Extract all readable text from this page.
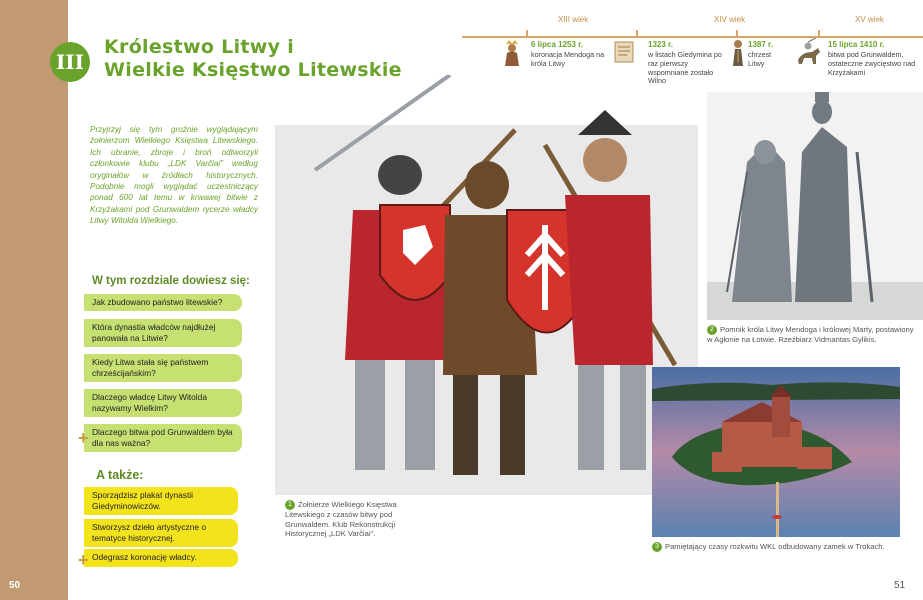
50	51
III
Królestwo Litwy i
Wielkie Księstwo Litewskie
Przyjrzyj się tym groźnie wyglądającym żołnierzom Wielkiego Księstwa Litewskiego. Ich ubranie, zbroje i broń odtworzyli członkowie klubu „LDK Varčiai” według oryginałów w źródłach historycznych. Podobnie mogli wyglądać uczestniczący ponad 600 lat temu w krwawej bitwie z Krzyżakami pod Grunwaldem rycerze władcy Litwy Witolda Wielkiego.
W tym rozdziale dowiesz się:
Jak zbudowano państwo litewskie?
Która dynastia władców najdłużej panowała na Litwie?
Kiedy Litwa stała się państwem chrześcijańskim?
Dlaczego władcę Litwy Witolda nazywamy Wielkim?
Dlaczego bitwa pod Grunwaldem była dla nas ważna?
+
A także:
Sporządzisz plakat dynastii Giedyminowiczów.
Stworzysz dzieło artystyczne o tematyce historycznej.
Odegrasz koronację władcy.
+
XIII wiek	XIV wiek	XV wiek
6 lipca 1253 r.
koronacja Mendoga na króla Litwy
1323 r.
w listach Giedymina po raz pierwszy wspomniane zostało Wilno
1387 r.
chrzest Litwy
15 lipca 1410 r.
bitwa pod Grunwaldem, ostateczne zwycięstwo nad Krzyżakami
1 Żołnierze Wielkiego Księstwa Litewskiego z czasów bitwy pod Grunwaldem. Klub Rekonstrukcji Historycznej „LDK Varčiai”.
2 Pomnik króla Litwy Mendoga i królowej Marty, postawiony w Agłonie na Łotwie. Rzeźbiarz Vidmantas Gylikis.
3 Pamiętający czasy rozkwitu WKL odbudowany zamek w Trokach.
